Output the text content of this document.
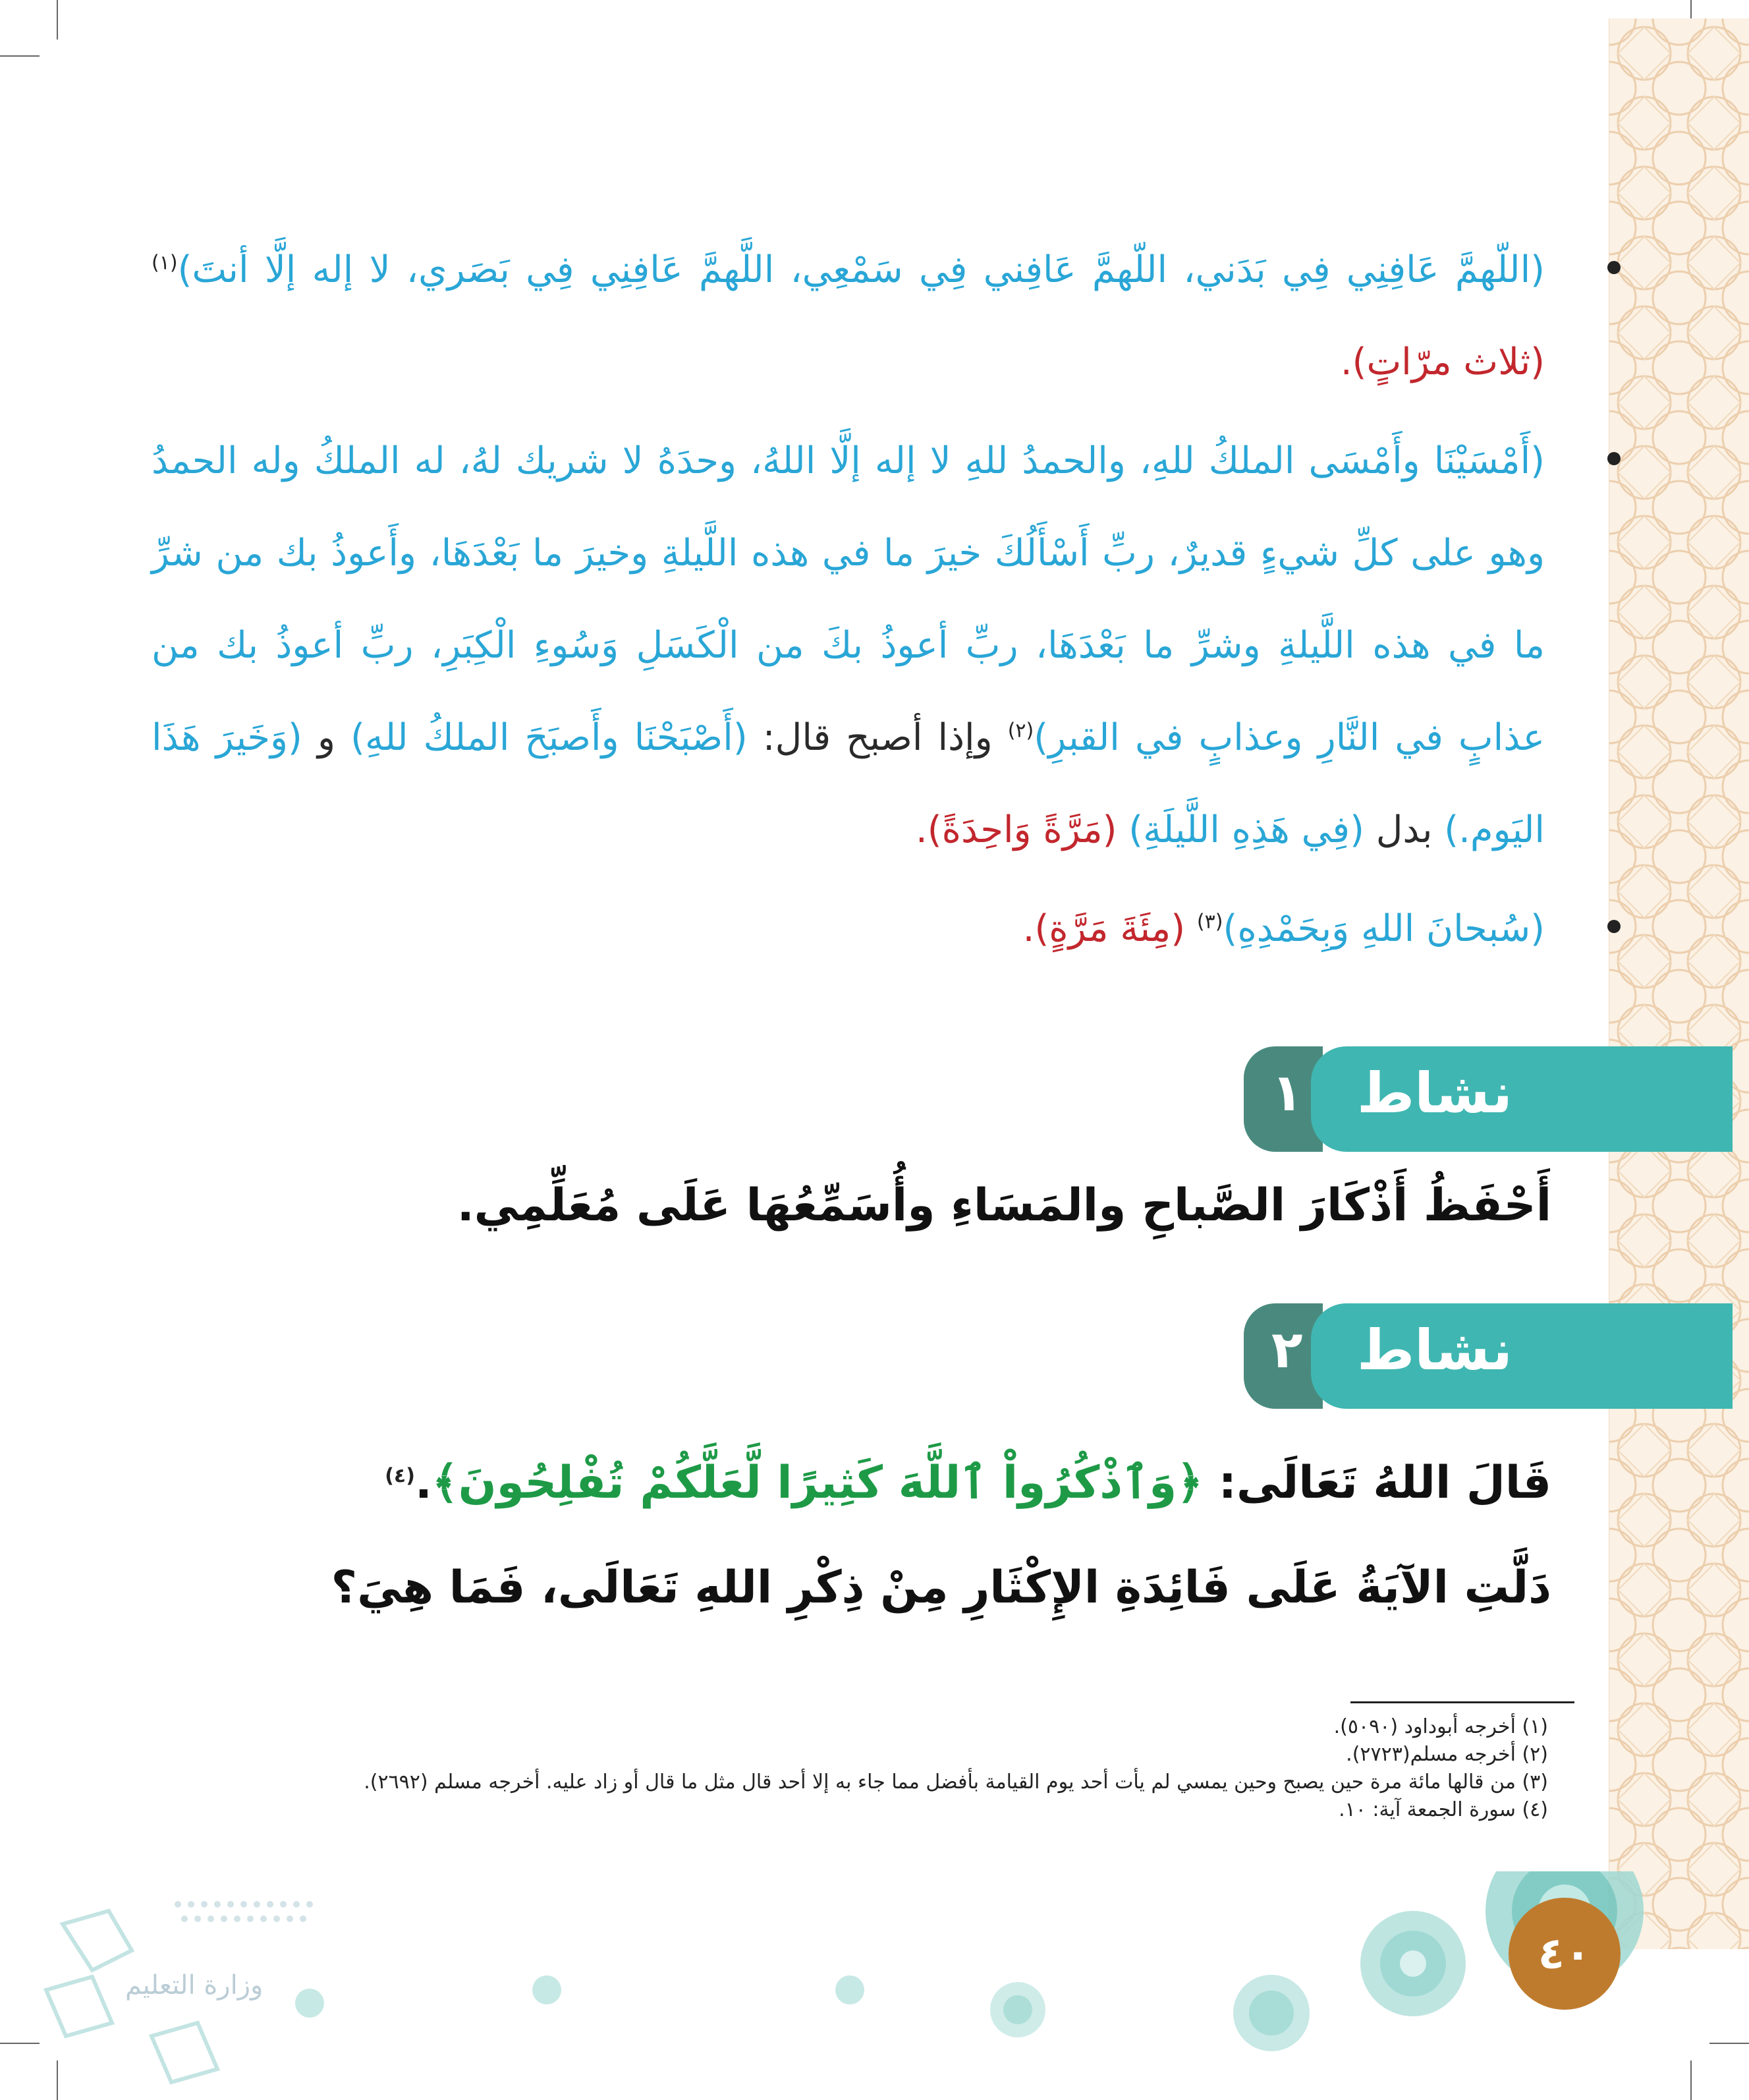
(اللّهمَّ عَافِنِي فِي بَدَني، اللّهمَّ عَافِني فِي سَمْعِي، اللَّهمَّ عَافِنِي فِي بَصَري، لا إله إلَّا أنتَ)$^{(١)}$ (ثلاث مرّاتٍ).
(أَمْسَيْنَا وأَمْسَى الملكُ للهِ، والحمدُ للهِ لا إله إلَّا اللهُ، وحدَهُ لا شريك لهُ، له الملكُ وله الحمدُ وهو على كلِّ شيءٍ قديرٌ، ربِّ أَسْأَلُكَ خيرَ ما في هذه اللَّيلةِ وخيرَ ما بَعْدَهَا، وأَعوذُ بك من شرِّ ما في هذه اللَّيلةِ وشرِّ ما بَعْدَهَا، ربِّ أعوذُ بكَ من الْكَسَلِ وَسُوءِ الْكِبَرِ، ربِّ أعوذُ بك من عذابٍ في النَّارِ وعذابٍ في القبرِ)$^{(٢)}$ وإذا أصبح قال: (أَصْبَحْنَا وأَصبَحَ الملكُ للهِ) و (وَخَيرَ هَذَا اليَوم.) بدل (فِي هَذِهِ اللَّيلَةِ) (مَرَّةً وَاحِدَةً).
(سُبحانَ اللهِ وَبِحَمْدِهِ)$^{(٣)}$ (مِئَةَ مَرَّةٍ).
١ نشاط
أَحْفَظُ أَذْكَارَ الصَّباحِ والمَسَاءِ وأُسَمِّعُهَا عَلَى مُعَلِّمِي.
٢ نشاط
قَالَ اللهُ تَعَالَى: ﴿وَٱذْكُرُواْ ٱللَّهَ كَثِيرًا لَّعَلَّكُمْ تُفْلِحُونَ﴾.$^{(٤)}$
دَلَّتِ الآيَةُ عَلَى فَائِدَةِ الإِكْثَارِ مِنْ ذِكْرِ اللهِ تَعَالَى، فَمَا هِيَ؟
(١) أخرجه أبوداود (٥٠٩٠).
(٢) أخرجه مسلم(٢٧٢٣).
(٣) من قالها مائة مرة حين يصبح وحين يمسي لم يأت أحد يوم القيامة بأفضل مما جاء به إلا أحد قال مثل ما قال أو زاد عليه. أخرجه مسلم (٢٦٩٢).
(٤) سورة الجمعة آية: ١٠.
وزارة التعليم
٤٠
